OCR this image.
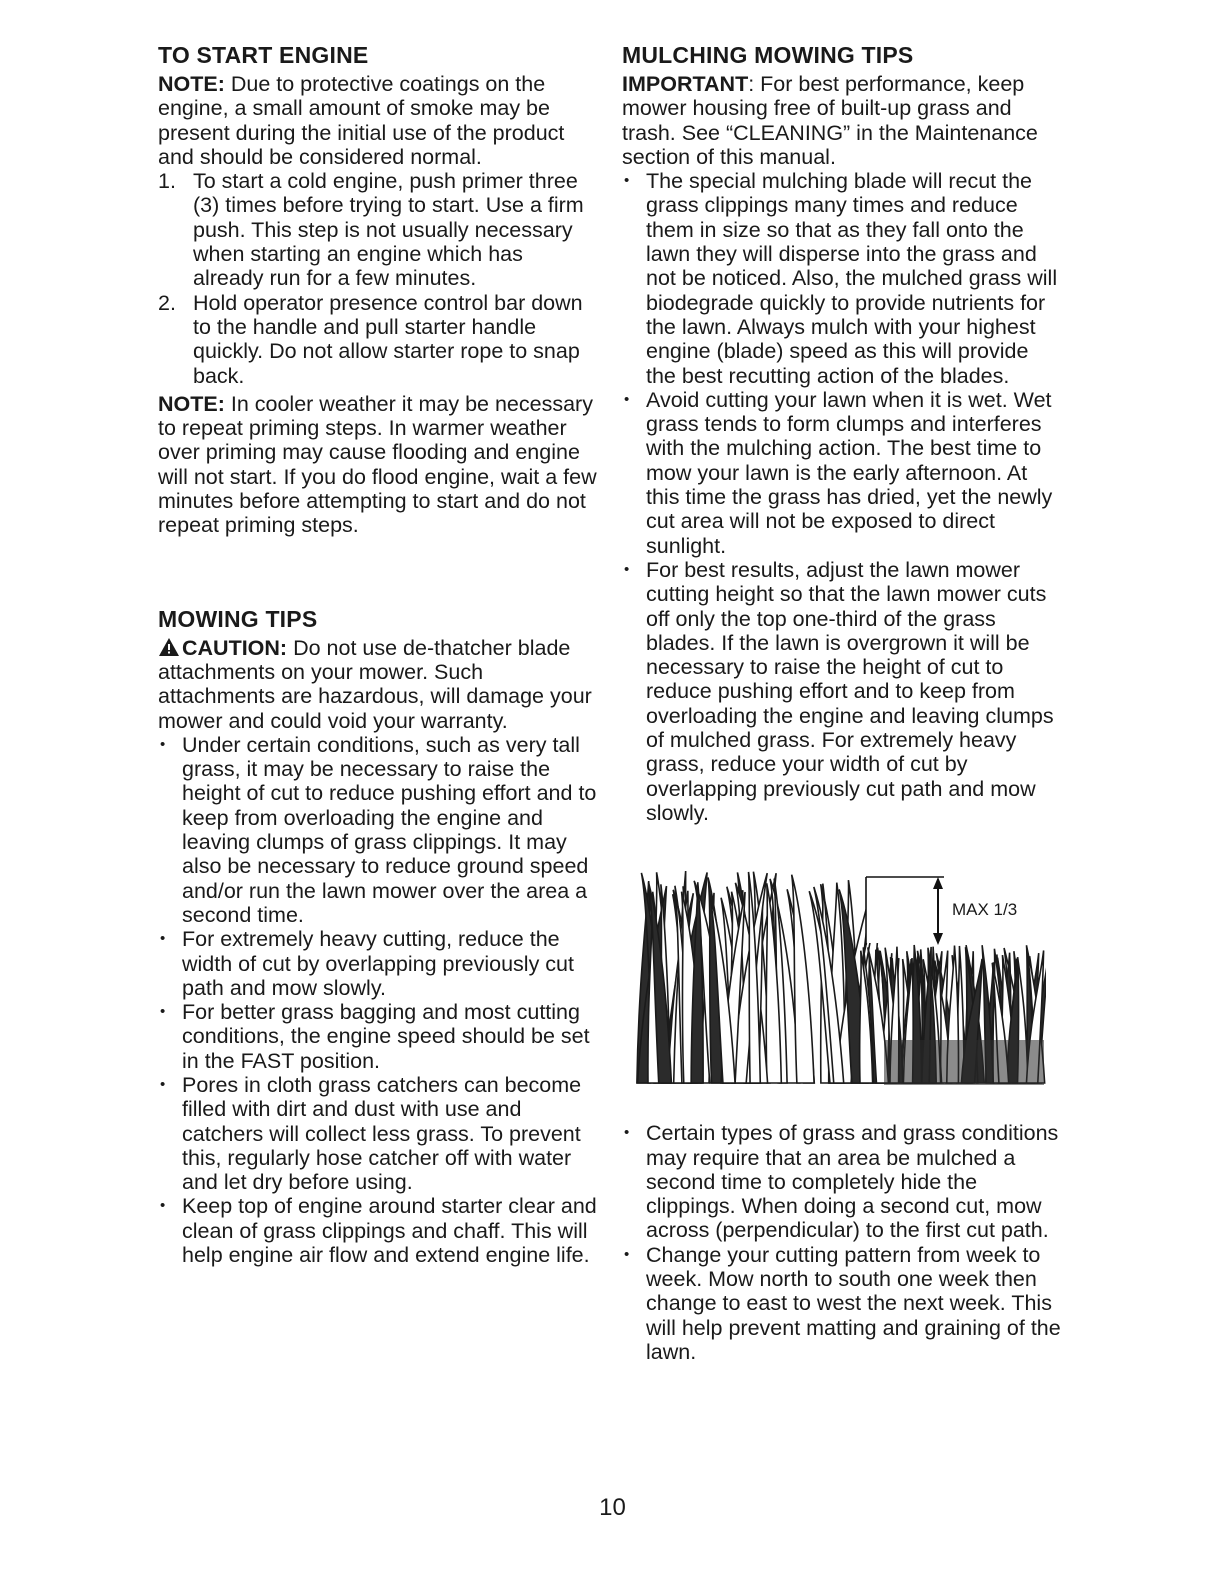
TO START ENGINE

NOTE: Due to protective coatings on the engine, a small amount of smoke may be present during the initial use of the product and should be considered normal.

1. To start a cold engine, push primer three (3) times before trying to start. Use a firm push. This step is not usually necessary when starting an engine which has already run for a few minutes.
2. Hold operator presence control bar down to the handle and pull starter handle quickly. Do not allow starter rope to snap back.

NOTE: In cooler weather it may be necessary to repeat priming steps. In warmer weather over priming may cause flooding and engine will not start. If you do flood engine, wait a few minutes before attempting to start and do not repeat priming steps.

MOWING TIPS

CAUTION: Do not use de-thatcher blade attachments on your mower. Such attachments are hazardous, will damage your mower and could void your warranty.

• Under certain conditions, such as very tall grass, it may be necessary to raise the height of cut to reduce pushing effort and to keep from overloading the engine and leaving clumps of grass clippings. It may also be necessary to reduce ground speed and/or run the lawn mower over the area a second time.
• For extremely heavy cutting, reduce the width of cut by overlapping previously cut path and mow slowly.
• For better grass bagging and most cutting conditions, the engine speed should be set in the FAST position.
• Pores in cloth grass catchers can become filled with dirt and dust with use and catchers will collect less grass. To prevent this, regularly hose catcher off with water and let dry before using.
• Keep top of engine around starter clear and clean of grass clippings and chaff. This will help engine air flow and extend engine life.
MULCHING MOWING TIPS

IMPORTANT: For best performance, keep mower housing free of built-up grass and trash. See “CLEANING” in the Maintenance section of this manual.

• The special mulching blade will recut the grass clippings many times and reduce them in size so that as they fall onto the lawn they will disperse into the grass and not be noticed. Also, the mulched grass will biodegrade quickly to provide nutrients for the lawn. Always mulch with your highest engine (blade) speed as this will provide the best recutting action of the blades.
• Avoid cutting your lawn when it is wet. Wet grass tends to form clumps and interferes with the mulching action. The best time to mow your lawn is the early afternoon. At this time the grass has dried, yet the newly cut area will not be exposed to direct sunlight.
• For best results, adjust the lawn mower cutting height so that the lawn mower cuts off only the top one-third of the grass blades. If the lawn is overgrown it will be necessary to raise the height of cut to reduce pushing effort and to keep from overloading the engine and leaving clumps of mulched grass. For extremely heavy grass, reduce your width of cut by overlapping previously cut path and mow slowly.
MAX 1/3
• Certain types of grass and grass conditions may require that an area be mulched a second time to completely hide the clippings. When doing a second cut, mow across (perpendicular) to the first cut path.
• Change your cutting pattern from week to week. Mow north to south one week then change to east to west the next week. This will help prevent matting and graining of the lawn.
10
